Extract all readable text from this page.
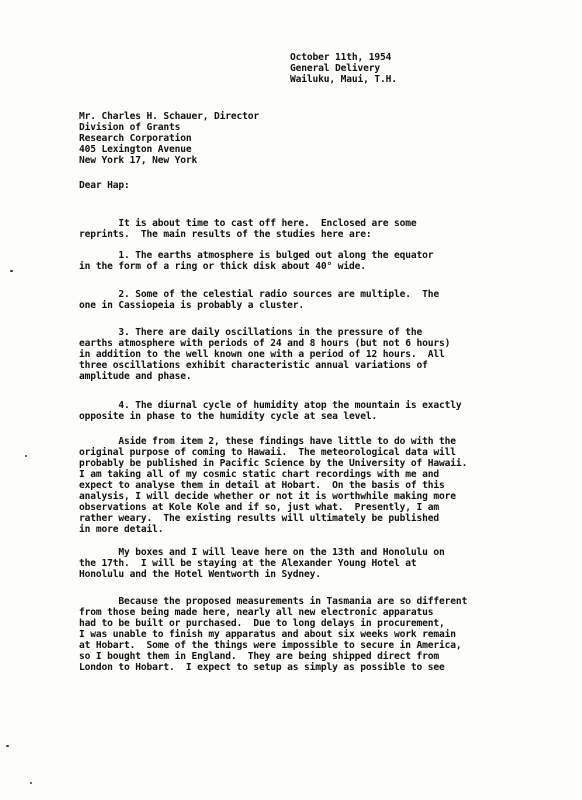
October 11th, 1954
General Delivery
Wailuku, Maui, T.H.
Mr. Charles H. Schauer, Director
Division of Grants
Research Corporation
405 Lexington Avenue
New York 17, New York
Dear Hap:
It is about time to cast off here.  Enclosed are some
reprints.  The main results of the studies here are:
1. The earths atmosphere is bulged out along the equator
in the form of a ring or thick disk about 40° wide.
2. Some of the celestial radio sources are multiple.  The
one in Cassiopeia is probably a cluster.
3. There are daily oscillations in the pressure of the
earths atmosphere with periods of 24 and 8 hours (but not 6 hours)
in addition to the well known one with a period of 12 hours.  All
three oscillations exhibit characteristic annual variations of
amplitude and phase.
4. The diurnal cycle of humidity atop the mountain is exactly
opposite in phase to the humidity cycle at sea level.
Aside from item 2, these findings have little to do with the
original purpose of coming to Hawaii.  The meteorological data will
probably be published in Pacific Science by the University of Hawaii.
I am taking all of my cosmic static chart recordings with me and
expect to analyse them in detail at Hobart.  On the basis of this
analysis, I will decide whether or not it is worthwhile making more
observations at Kole Kole and if so, just what.  Presently, I am
rather weary.  The existing results will ultimately be published
in more detail.
My boxes and I will leave here on the 13th and Honolulu on
the 17th.  I will be staying at the Alexander Young Hotel at
Honolulu and the Hotel Wentworth in Sydney.
Because the proposed measurements in Tasmania are so different
from those being made here, nearly all new electronic apparatus
had to be built or purchased.  Due to long delays in procurement,
I was unable to finish my apparatus and about six weeks work remain
at Hobart.  Some of the things were impossible to secure in America,
so I bought them in England.  They are being shipped direct from
London to Hobart.  I expect to setup as simply as possible to see
